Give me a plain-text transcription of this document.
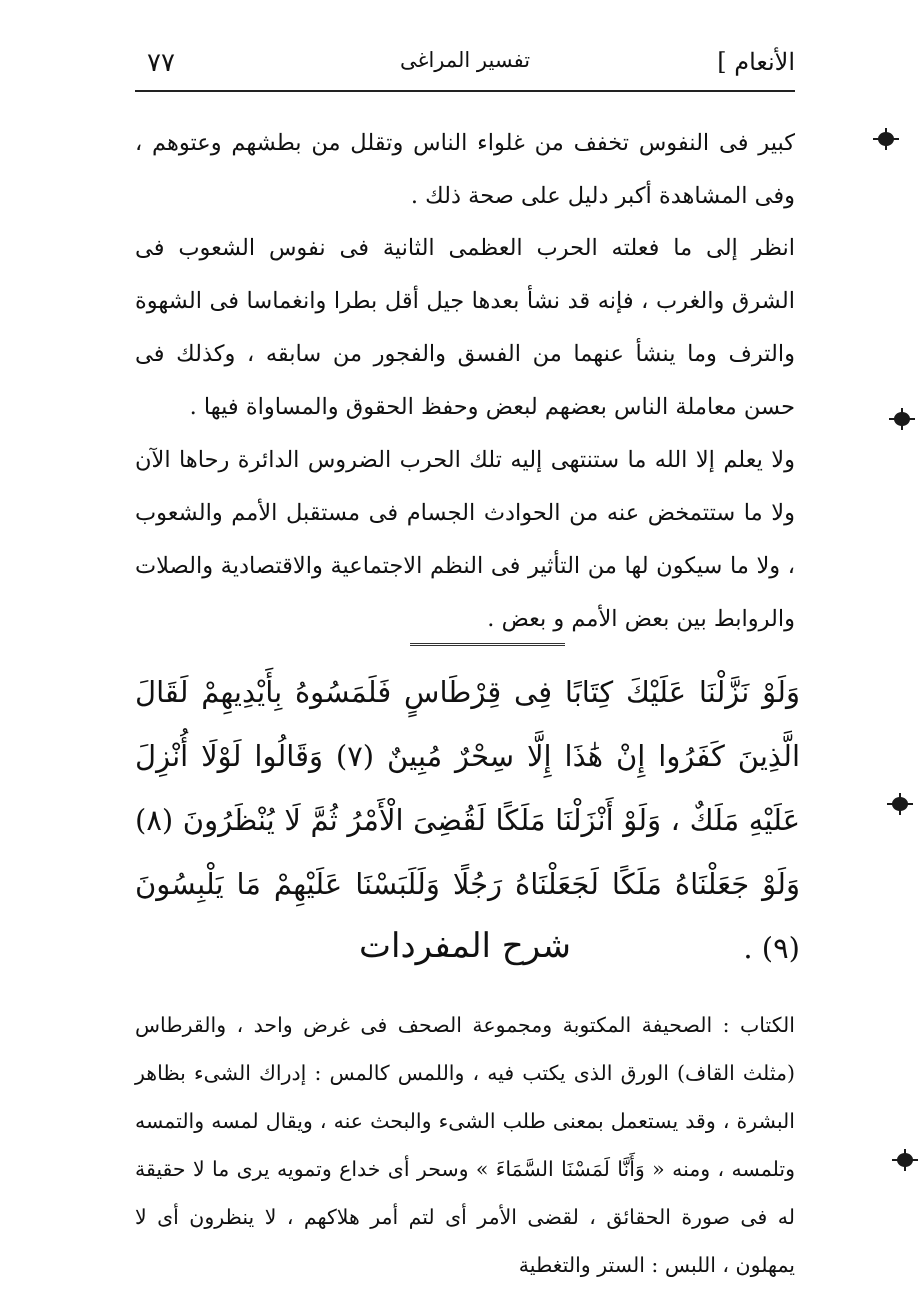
٧٧	تفسير المراغى	الأنعام ]

كبير فى النفوس تخفف من غلواء الناس وتقلل من بطشهم وعتوهم ، وفى المشاهدة أكبر دليل على صحة ذلك .

انظر إلى ما فعلته الحرب العظمى الثانية فى نفوس الشعوب فى الشرق والغرب ، فإنه قد نشأ بعدها جيل أقل بطرا وانغماسا فى الشهوة والترف وما ينشأ عنهما من الفسق والفجور من سابقه ، وكذلك فى حسن معاملة الناس بعضهم لبعض وحفظ الحقوق والمساواة فيها .

ولا يعلم إلا الله ما ستنتهى إليه تلك الحرب الضروس الدائرة رحاها الآن ولا ما ستتمخض عنه من الحوادث الجسام فى مستقبل الأمم والشعوب ، ولا ما سيكون لها من التأثير فى النظم الاجتماعية والاقتصادية والصلات والروابط بين بعض الأمم و بعض .

وَلَوْ نَزَّلْنَا عَلَيْكَ كِتَابًا فِى قِرْطَاسٍ فَلَمَسُوهُ بِأَيْدِيهِمْ لَقَالَ الَّذِينَ كَفَرُوا إِنْ هَٰذَا إِلَّا سِحْرٌ مُبِينٌ (٧) وَقَالُوا لَوْلَا أُنْزِلَ عَلَيْهِ مَلَكٌ ، وَلَوْ أَنْزَلْنَا مَلَكًا لَقُضِىَ الْأَمْرُ ثُمَّ لَا يُنْظَرُونَ (٨) وَلَوْ جَعَلْنَاهُ مَلَكًا لَجَعَلْنَاهُ رَجُلًا وَلَلَبَسْنَا عَلَيْهِمْ مَا يَلْبِسُونَ (٩) .

شرح المفردات

الكتاب : الصحيفة المكتوبة ومجموعة الصحف فى غرض واحد ، والقرطاس (مثلث القاف) الورق الذى يكتب فيه ، واللمس كالمس : إدراك الشىء بظاهر البشرة ، وقد يستعمل بمعنى طلب الشىء والبحث عنه ، ويقال لمسه والتمسه وتلمسه ، ومنه « وَأَنَّا لَمَسْنَا السَّمَاءَ » وسحر أى خداع وتمويه يرى ما لا حقيقة له فى صورة الحقائق ، لقضى الأمر أى لتم أمر هلاكهم ، لا ينظرون أى لا يمهلون ، اللبس : الستر والتغطية
